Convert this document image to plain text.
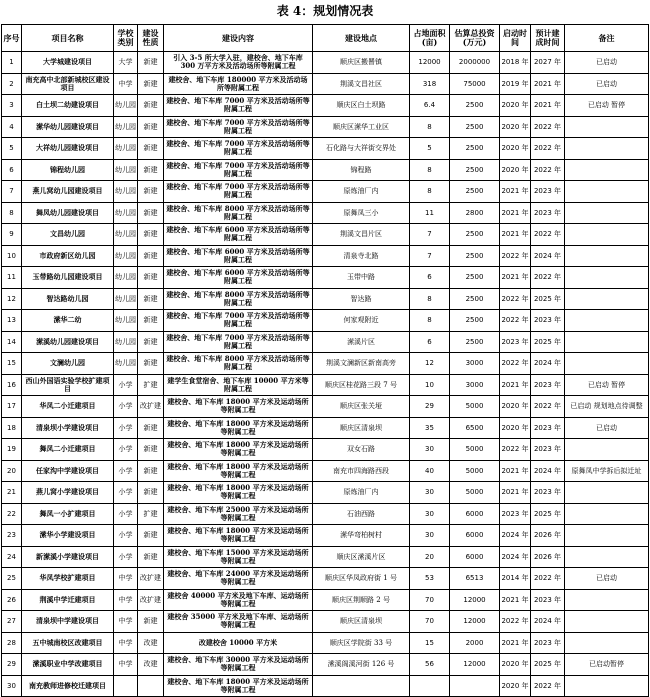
表 4：规划情况表
序号	项目名称	学校类别	建设性质	建设内容	建设地点	占地面积(亩)	估算总投资(万元)	启动时间	预计建成时间	备注
1	大学城建设项目	大学	新建	引入 3-5 所大学入驻，建校舍、地下车库 300 万平方米及活动场所等附属工程	顺庆区搬罾镇	12000	2000000	2018 年	2027 年	已启动
2	南充高中北部新城校区建设项目	中学	新建	建校舍、地下车库 180000 平方米及活动场所等附属工程	荆溪文昌社区	318	75000	2019 年	2021 年	已启动
3	白土坝二幼建设项目	幼儿园	新建	建校舍、地下车库 7000 平方米及活动场所等附属工程	顺庆区白土坝路	6.4	2500	2020 年	2021 年	已启动 暂停
4	潆华幼儿园建设项目	幼儿园	新建	建校舍、地下车库 7000 平方米及活动场所等附属工程	顺庆区潆华工业区	8	2500	2020 年	2022 年	
5	大祥幼儿园建设项目	幼儿园	新建	建校舍、地下车库 7000 平方米及活动场所等附属工程	石化路与大祥街交界处	5	2500	2020 年	2022 年	
6	锦程幼儿园	幼儿园	新建	建校舍、地下车库 7000 平方米及活动场所等附属工程	锦程路	8	2500	2020 年	2022 年	
7	燕儿窝幼儿园建设项目	幼儿园	新建	建校舍、地下车库 7000 平方米及活动场所等附属工程	原炼油厂内	8	2500	2021 年	2023 年	
8	舞凤幼儿园建设项目	幼儿园	新建	建校舍、地下车库 8000 平方米及活动场所等附属工程	原舞凤三小	11	2800	2021 年	2023 年	
9	文昌幼儿园	幼儿园	新建	建校舍、地下车库 6000 平方米及活动场所等附属工程	荆溪文昌片区	7	2500	2021 年	2022 年	
10	市政府新区幼儿园	幼儿园	新建	建校舍、地下车库 6000 平方米及活动场所等附属工程	清泉寺北路	7	2500	2022 年	2024 年	
11	玉带路幼儿园建设项目	幼儿园	新建	建校舍、地下车库 6000 平方米及活动场所等附属工程	玉带中路	6	2500	2021 年	2022 年	
12	智达路幼儿园	幼儿园	新建	建校舍、地下车库 8000 平方米及活动场所等附属工程	智达路	8	2500	2022 年	2025 年	
13	潆华二幼	幼儿园	新建	建校舍、地下车库 7000 平方米及活动场所等附属工程	何家观附近	8	2500	2022 年	2023 年	
14	潆溪幼儿园建设项目	幼儿园	新建	建校舍、地下车库 7000 平方米及活动场所等附属工程	潆溪片区	6	2500	2023 年	2025 年	
15	文澜幼儿园	幼儿园	新建	建校舍、地下车库 8000 平方米及活动场所等附属工程	荆溪文澜新区新南高旁	12	3000	2022 年	2024 年	
16	西山外国语实验学校扩建项目	小学	扩建	建学生食堂宿舍、地下车库 10000 平方米等附属工程	顺庆区桂花路三段 7 号	10	3000	2021 年	2023 年	已启动 暂停
17	华凤二小迁建项目	小学	改扩建	建校舍、地下车库 18000 平方米及运动场所等附属工程	顺庆区张关垭	29	5000	2020 年	2022 年	已启动 规划地点待调整
18	清泉坝小学建设项目	小学	新建	建校舍、地下车库 18000 平方米及运动场所等附属工程	顺庆区清泉坝	35	6500	2020 年	2023 年	已启动
19	舞凤二小迁建项目	小学	新建	建校舍、地下车库 18000 平方米及运动场所等附属工程	双女石路	30	5000	2022 年	2023 年	
20	任家沟中学建设项目	小学	新建	建校舍、地下车库 18000 平方米及运动场所等附属工程	南充市四海路西段	40	5000	2021 年	2024 年	原舞凤中学拆后拟迁址
21	燕儿窝小学建设项目	小学	新建	建校舍、地下车库 18000 平方米及运动场所等附属工程	原炼油厂内	30	5000	2021 年	2023 年	
22	舞凤一小扩建项目	小学	扩建	建校舍、地下车库 25000 平方米及运动场所等附属工程	石油西路	30	6000	2023 年	2025 年	
23	潆华小学建设项目	小学	新建	建校舍、地下车库 18000 平方米及运动场所等附属工程	潆华弯柏树村	30	6000	2024 年	2026 年	
24	新潆溪小学建设项目	小学	新建	建校舍、地下车库 15000 平方米及运动场所等附属工程	顺庆区潆溪片区	20	6000	2024 年	2026 年	
25	华凤学校扩建项目	中学	改扩建	建校舍、地下车库 24000 平方米及运动场所等附属工程	顺庆区华凤政府街 1 号	53	6513	2014 年	2022 年	已启动
26	荆溪中学迁建项目	中学	改扩建	建校舍 40000 平方米及地下车库、运动场所等附属工程	顺庆区荆顺路 2 号	70	12000	2021 年	2023 年	
27	清泉坝中学建设项目	中学	新建	建校舍 35000 平方米及地下车库、运动场所等附属工程	顺庆区清泉坝	70	12000	2022 年	2024 年	
28	五中城南校区改建项目	中学	改建	改建校舍 10000 平方米	顺庆区学院街 33 号	15	2000	2021 年	2023 年	
29	潆溪职业中学改建项目	中学	改建	建校舍、地下车库 30000 平方米及运动场所等附属工程	潆溪阁溪河街 126 号	56	12000	2020 年	2025 年	已启动暂停
30	南充教师进修校迁建项目			建校舍、地下车库 18000 平方米及运动场所等附属工程				2020 年	2022 年	
